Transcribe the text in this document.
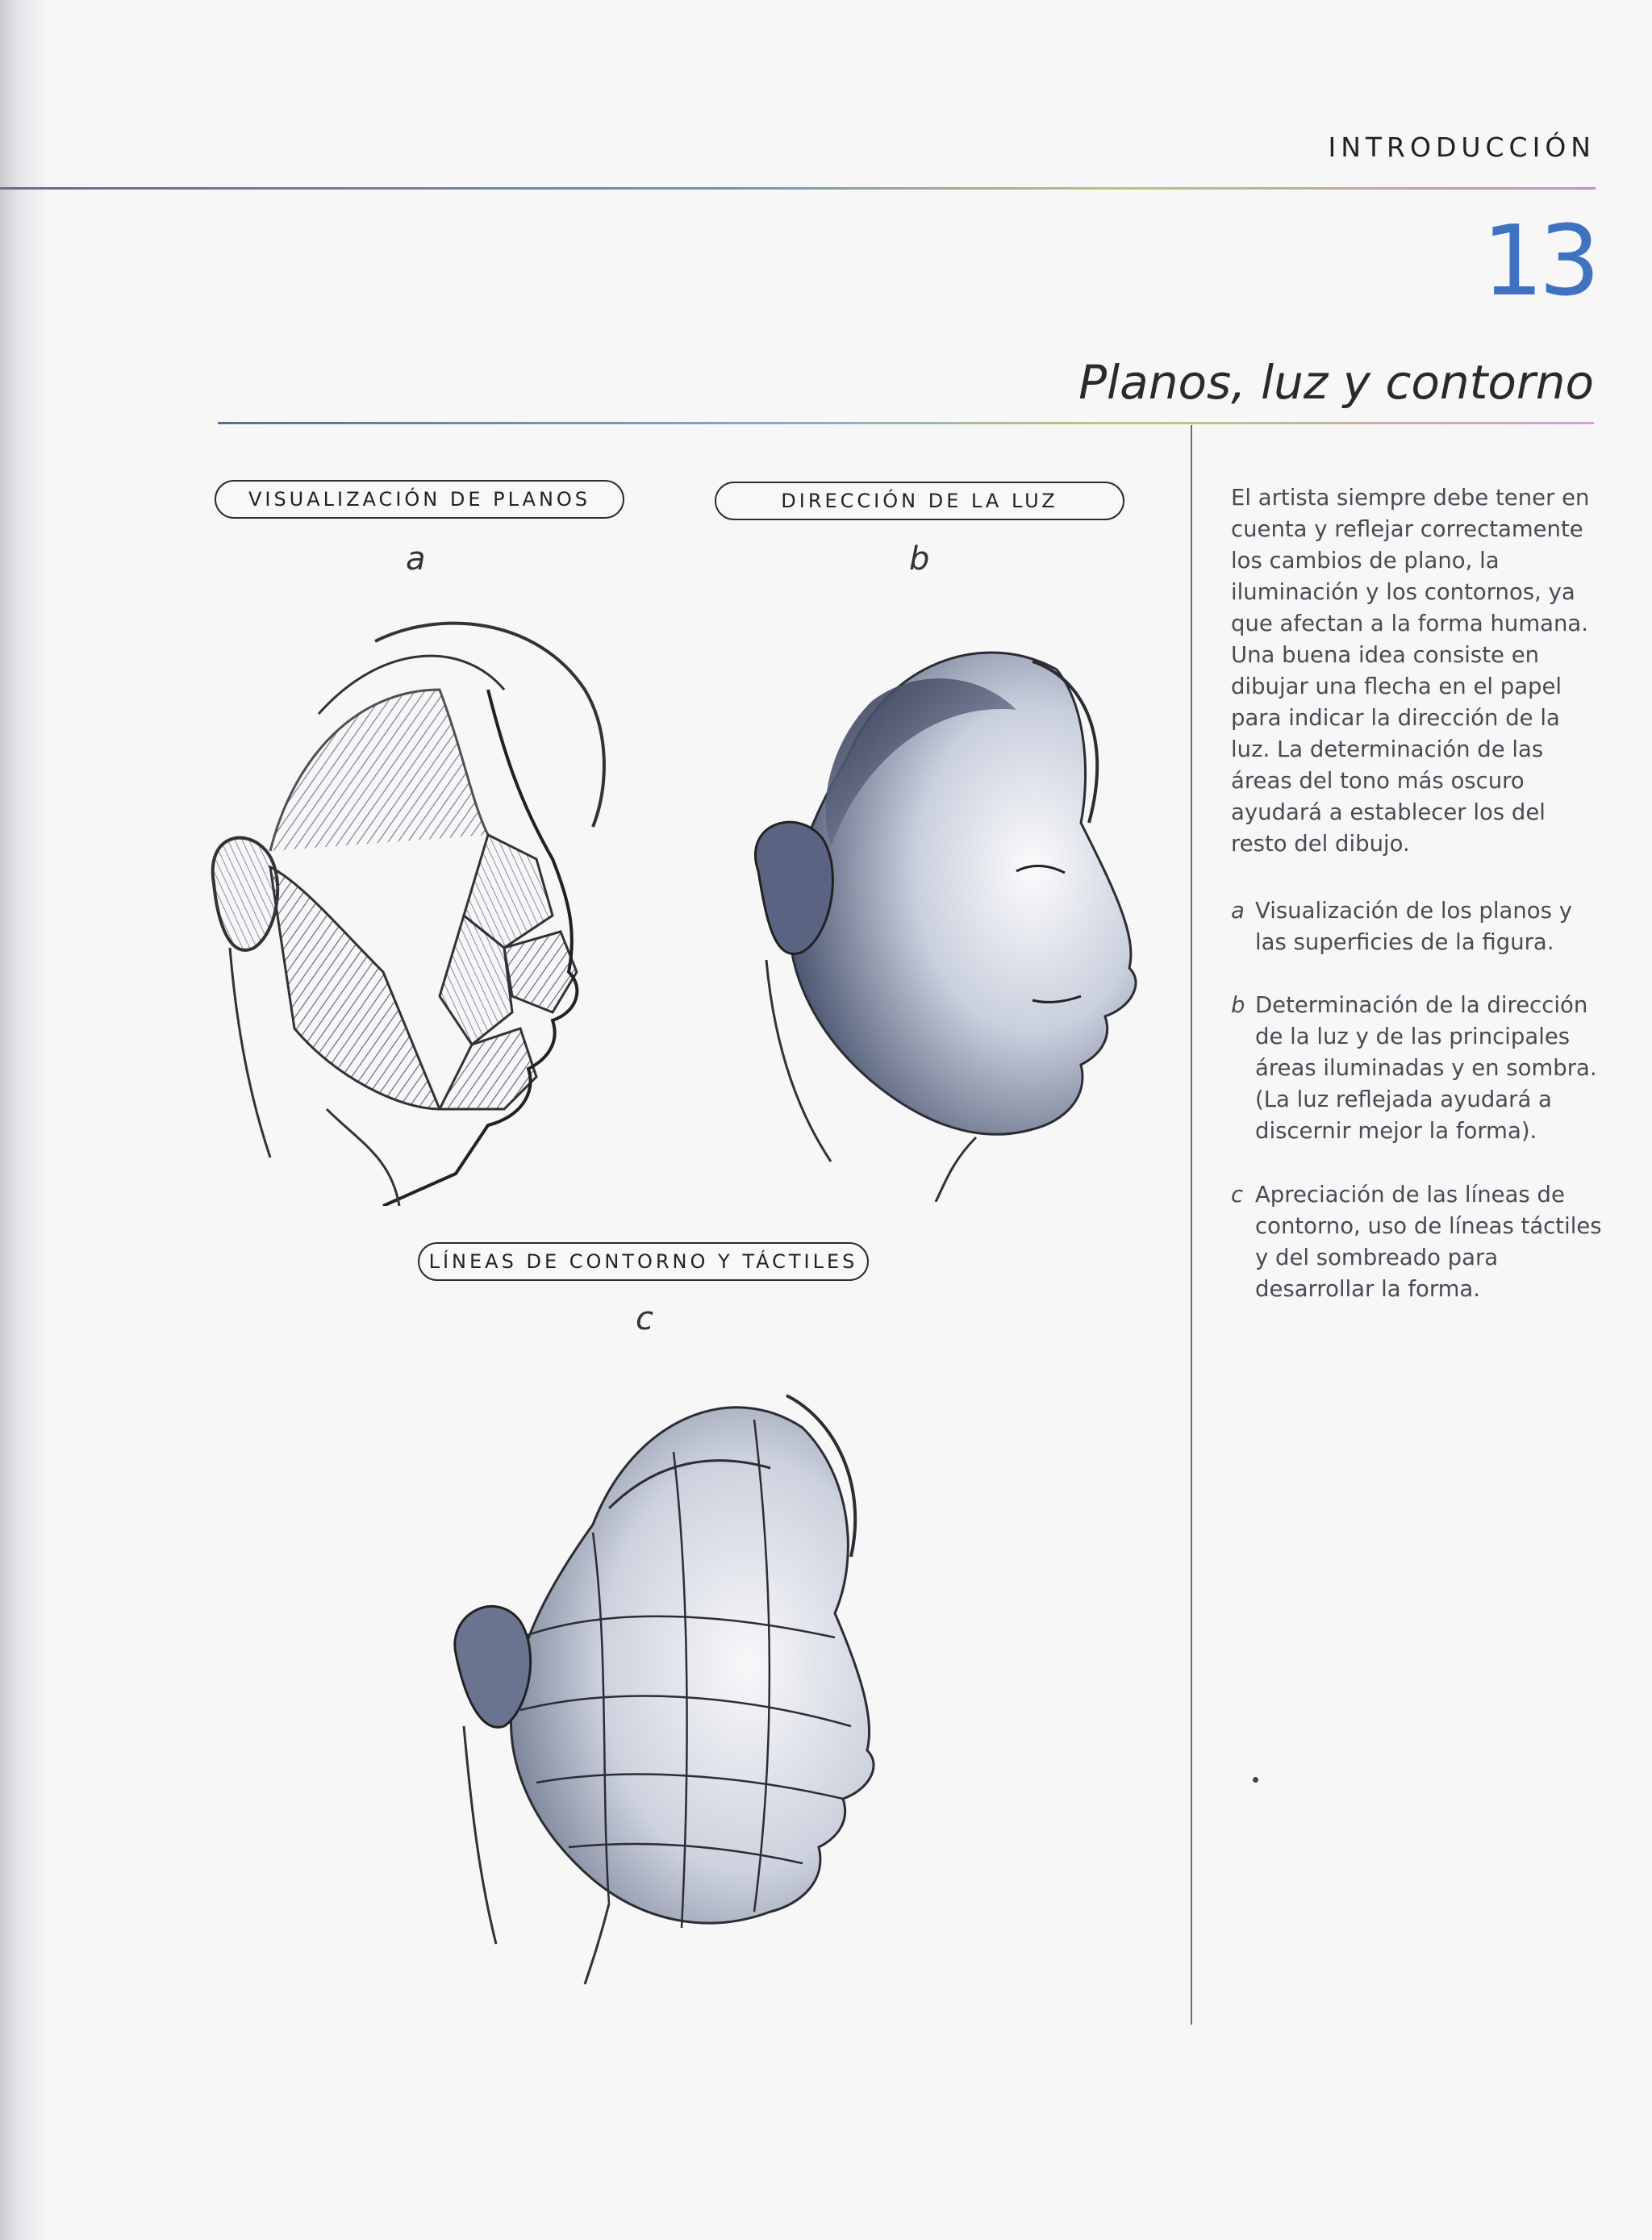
INTRODUCCIÓN
13
Planos, luz y contorno
VISUALIZACIÓN DE PLANOS
a
DIRECCIÓN DE LA LUZ
b
LÍNEAS DE CONTORNO Y TÁCTILES
c
El artista siempre debe tener en cuenta y reflejar correctamente los cambios de plano, la iluminación y los contornos, ya que afectan a la forma humana. Una buena idea consiste en dibujar una flecha en el papel para indicar la dirección de la luz. La determinación de las áreas del tono más oscuro ayudará a establecer los del resto del dibujo.
a Visualización de los planos y las superficies de la figura.
b Determinación de la dirección de la luz y de las principales áreas iluminadas y en sombra. (La luz reflejada ayudará a discernir mejor la forma).
c Apreciación de las líneas de contorno, uso de líneas táctiles y del sombreado para desarrollar la forma.
